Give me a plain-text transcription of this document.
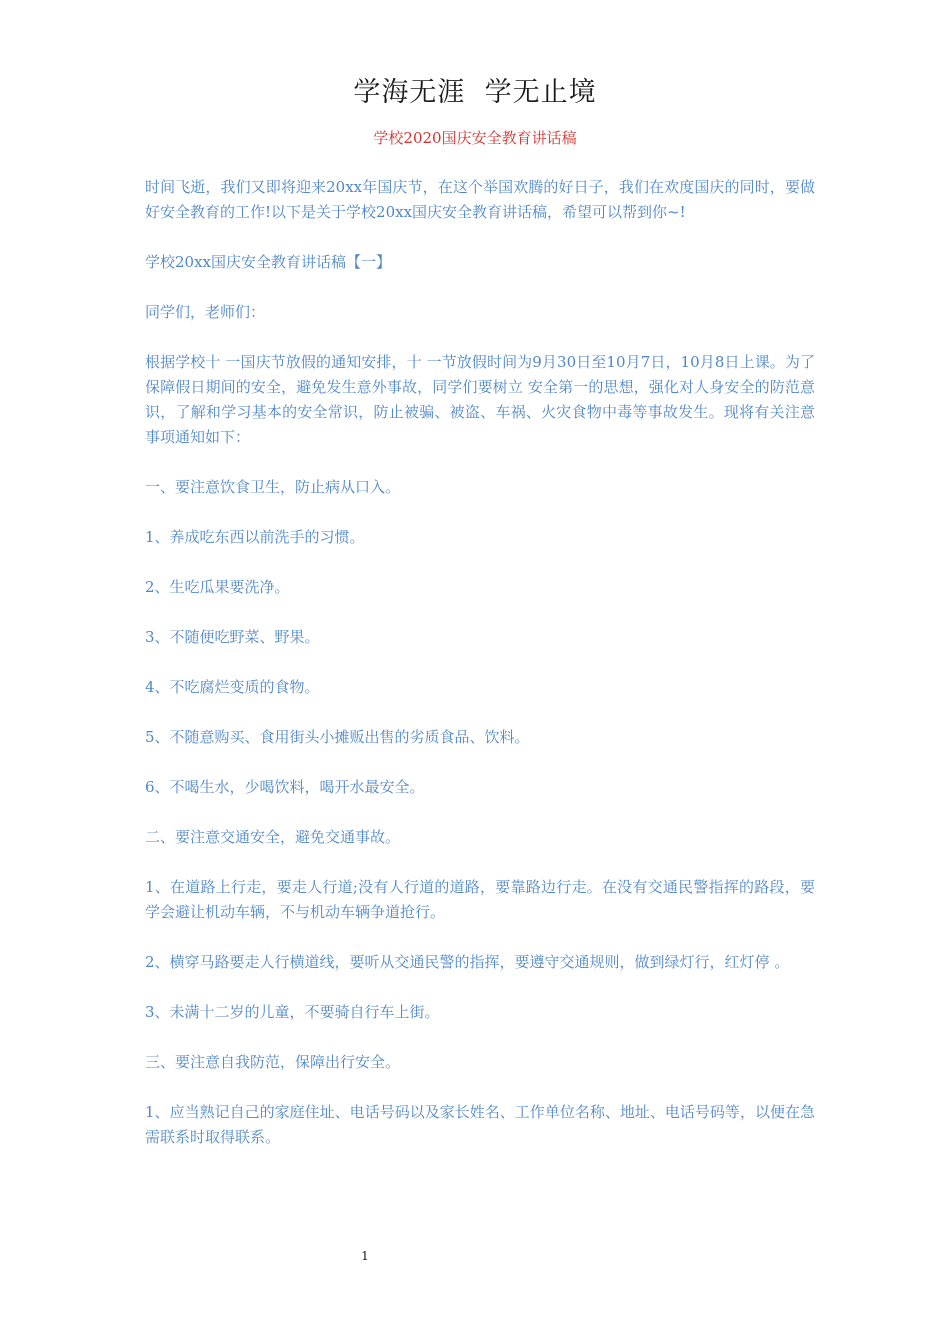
学海无涯  学无止境
学校2020国庆安全教育讲话稿

时间飞逝，我们又即将迎来20xx年国庆节，在这个举国欢腾的好日子，我们在欢度国庆的同时，要做好安全教育的工作!以下是关于学校20xx国庆安全教育讲话稿，希望可以帮到你~!

学校20xx国庆安全教育讲话稿【一】

同学们，老师们：

根据学校十 一国庆节放假的通知安排，十 一节放假时间为9月30日至10月7日，10月8日上课。为了保障假日期间的安全，避免发生意外事故，同学们要树立 安全第一的思想，强化对人身安全的防范意识，了解和学习基本的安全常识，防止被骗、被盗、车祸、火灾食物中毒等事故发生。现将有关注意事项通知如下：

一、要注意饮食卫生，防止病从口入。

1、养成吃东西以前洗手的习惯。

2、生吃瓜果要洗净。

3、不随便吃野菜、野果。

4、不吃腐烂变质的食物。

5、不随意购买、食用街头小摊贩出售的劣质食品、饮料。

6、不喝生水，少喝饮料，喝开水最安全。

二、要注意交通安全，避免交通事故。

1、在道路上行走，要走人行道;没有人行道的道路，要靠路边行走。在没有交通民警指挥的路段，要学会避让机动车辆，不与机动车辆争道抢行。

2、横穿马路要走人行横道线，要听从交通民警的指挥，要遵守交通规则，做到绿灯行，红灯停 。

3、未满十二岁的儿童，不要骑自行车上街。

三、要注意自我防范，保障出行安全。

1、应当熟记自己的家庭住址、电话号码以及家长姓名、工作单位名称、地址、电话号码等，以便在急需联系时取得联系。

1
